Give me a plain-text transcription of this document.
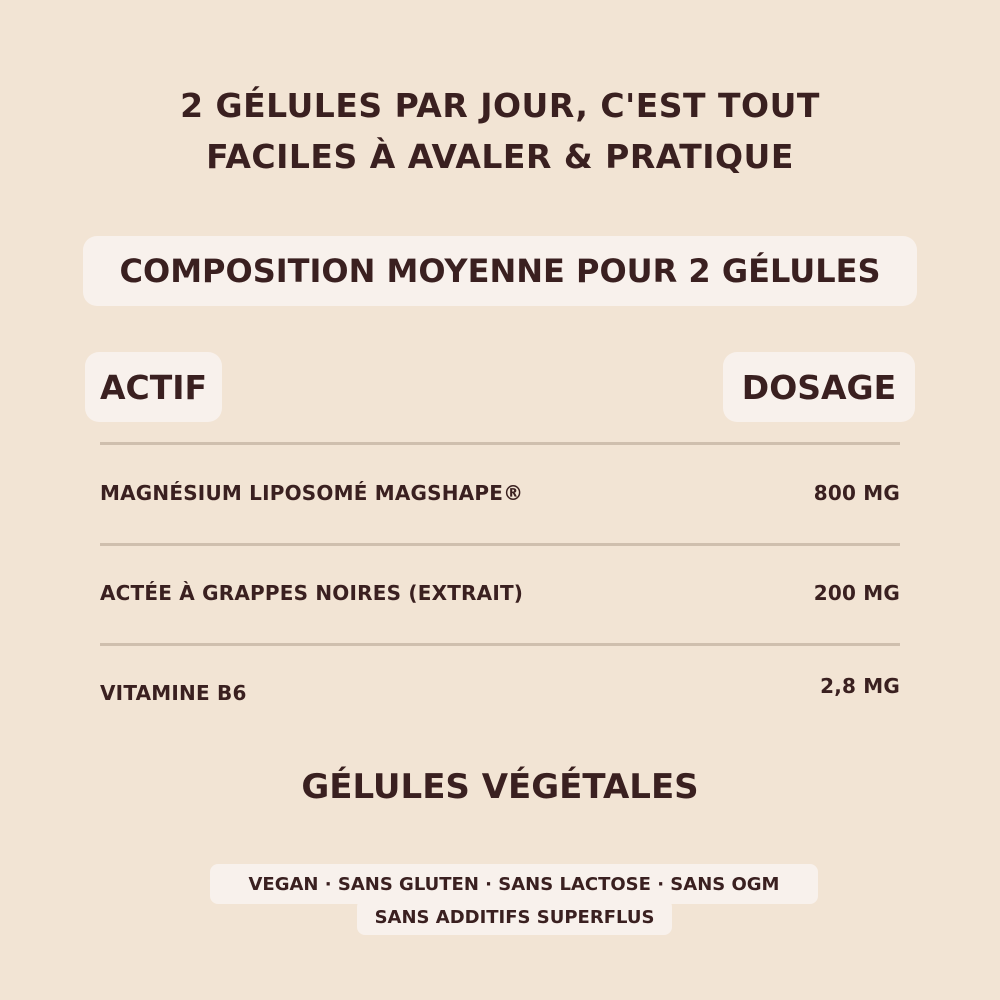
2 GÉLULES PAR JOUR, C'EST TOUT
FACILES À AVALER & PRATIQUE
COMPOSITION MOYENNE POUR 2 GÉLULES
ACTIF	DOSAGE
MAGNÉSIUM LIPOSOMÉ MAGSHAPE®	800 MG
ACTÉE À GRAPPES NOIRES (EXTRAIT)	200 MG
VITAMINE B6	2,8 MG
GÉLULES VÉGÉTALES
VEGAN · SANS GLUTEN · SANS LACTOSE · SANS OGM
SANS ADDITIFS SUPERFLUS
